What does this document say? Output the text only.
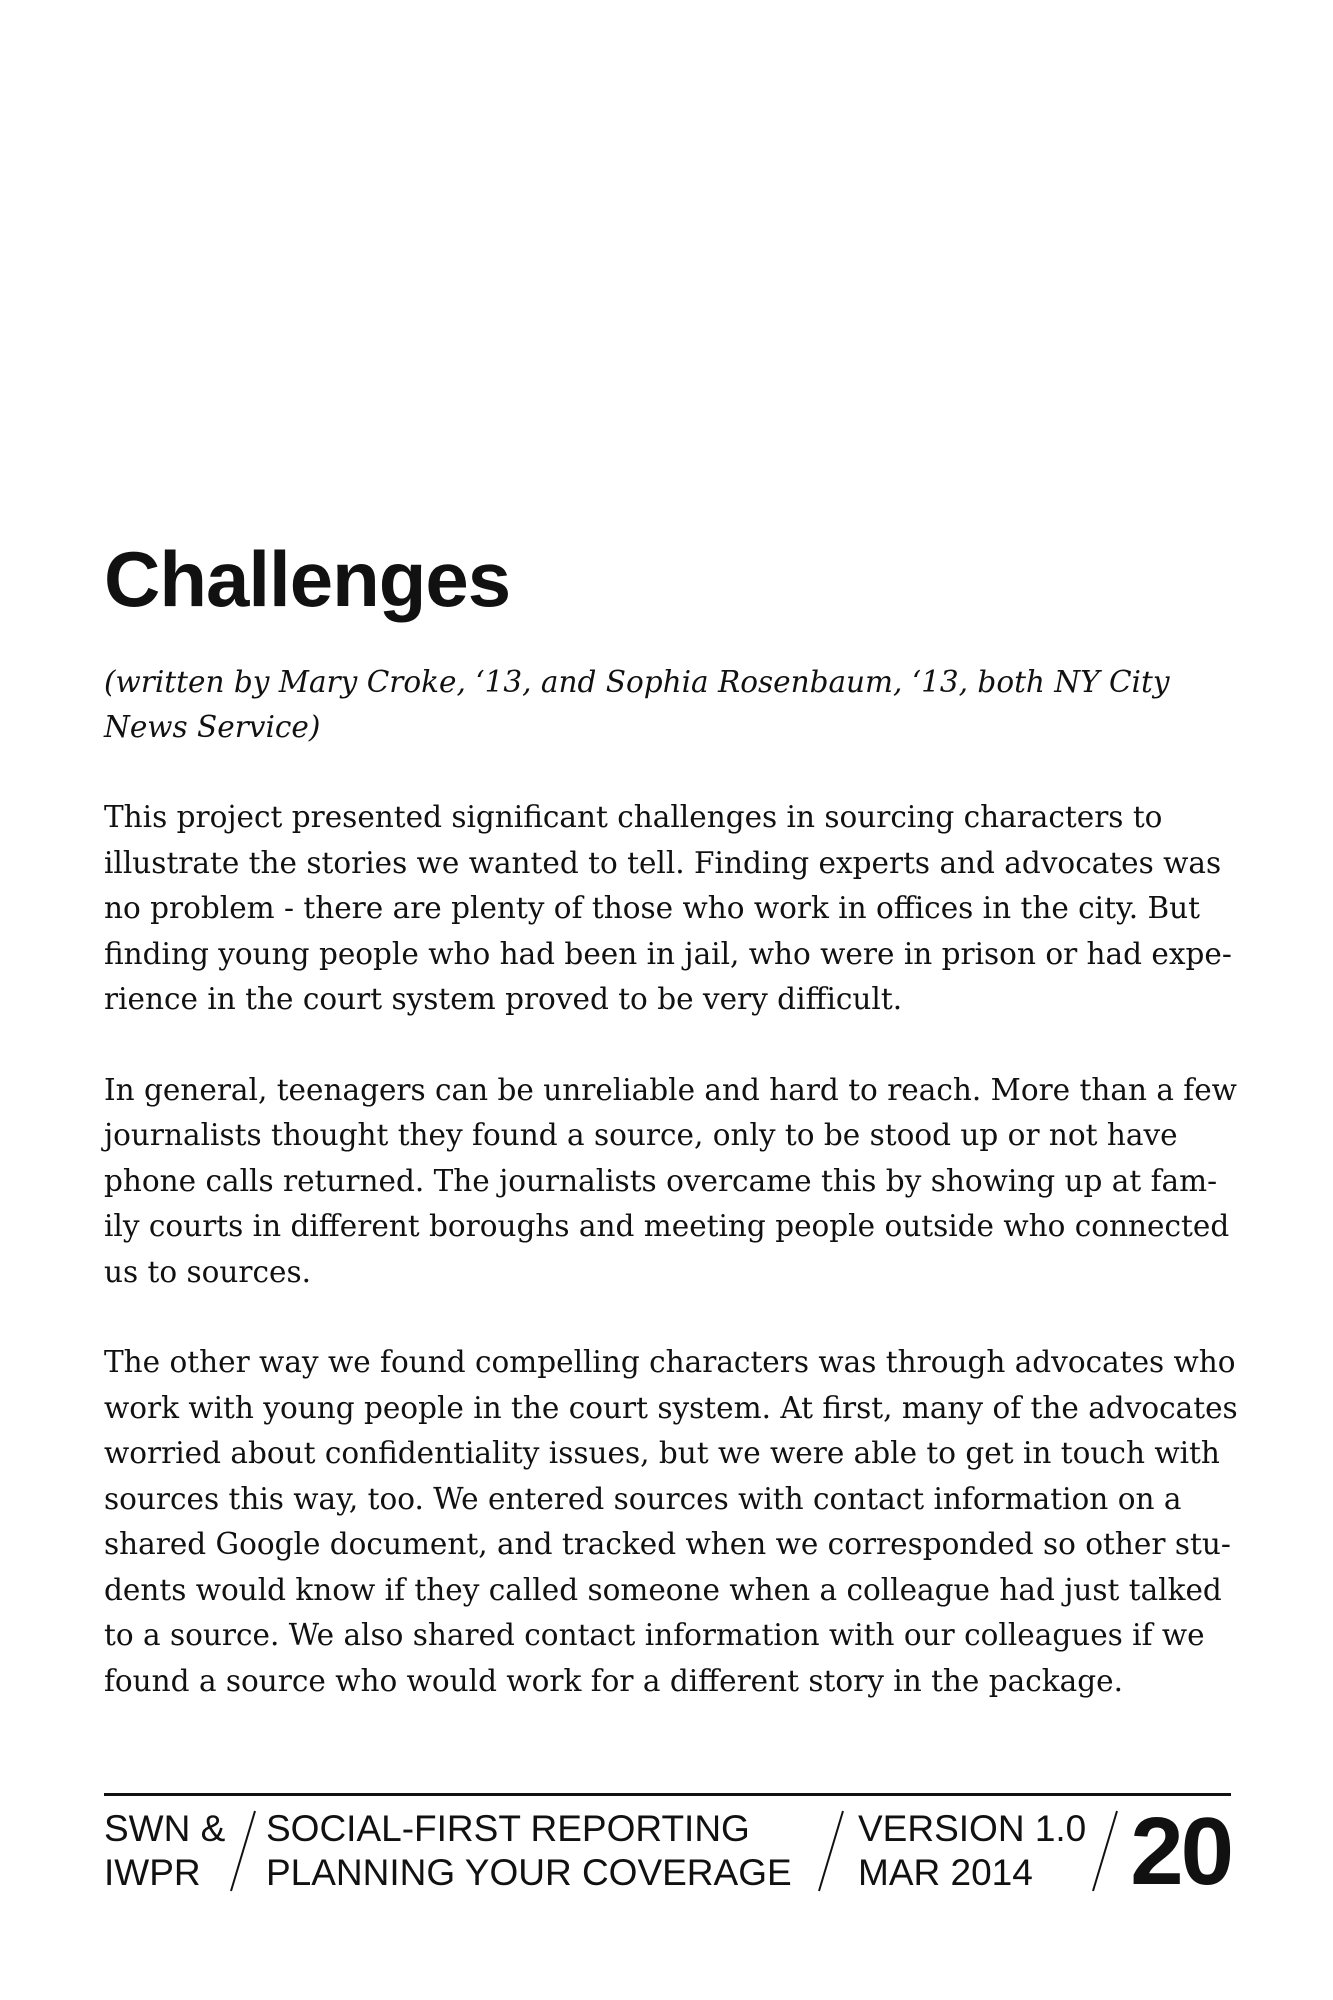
Challenges

(written by Mary Croke, ‘13, and Sophia Rosenbaum, ‘13, both NY City News Service)

This project presented significant challenges in sourcing characters to illustrate the stories we wanted to tell. Finding experts and advocates was no problem - there are plenty of those who work in offices in the city. But finding young people who had been in jail, who were in prison or had expe-rience in the court system proved to be very difficult.

In general, teenagers can be unreliable and hard to reach. More than a few journalists thought they found a source, only to be stood up or not have phone calls returned. The journalists overcame this by showing up at fam-ily courts in different boroughs and meeting people outside who connected us to sources.

The other way we found compelling characters was through advocates who work with young people in the court system. At first, many of the advocates worried about confidentiality issues, but we were able to get in touch with sources this way, too. We entered sources with contact information on a shared Google document, and tracked when we corresponded so other stu-dents would know if they called someone when a colleague had just talked to a source. We also shared contact information with our colleagues if we found a source who would work for a different story in the package.

SWN &
IWPR
SOCIAL-FIRST REPORTING
PLANNING YOUR COVERAGE
VERSION 1.0
MAR 2014	20
